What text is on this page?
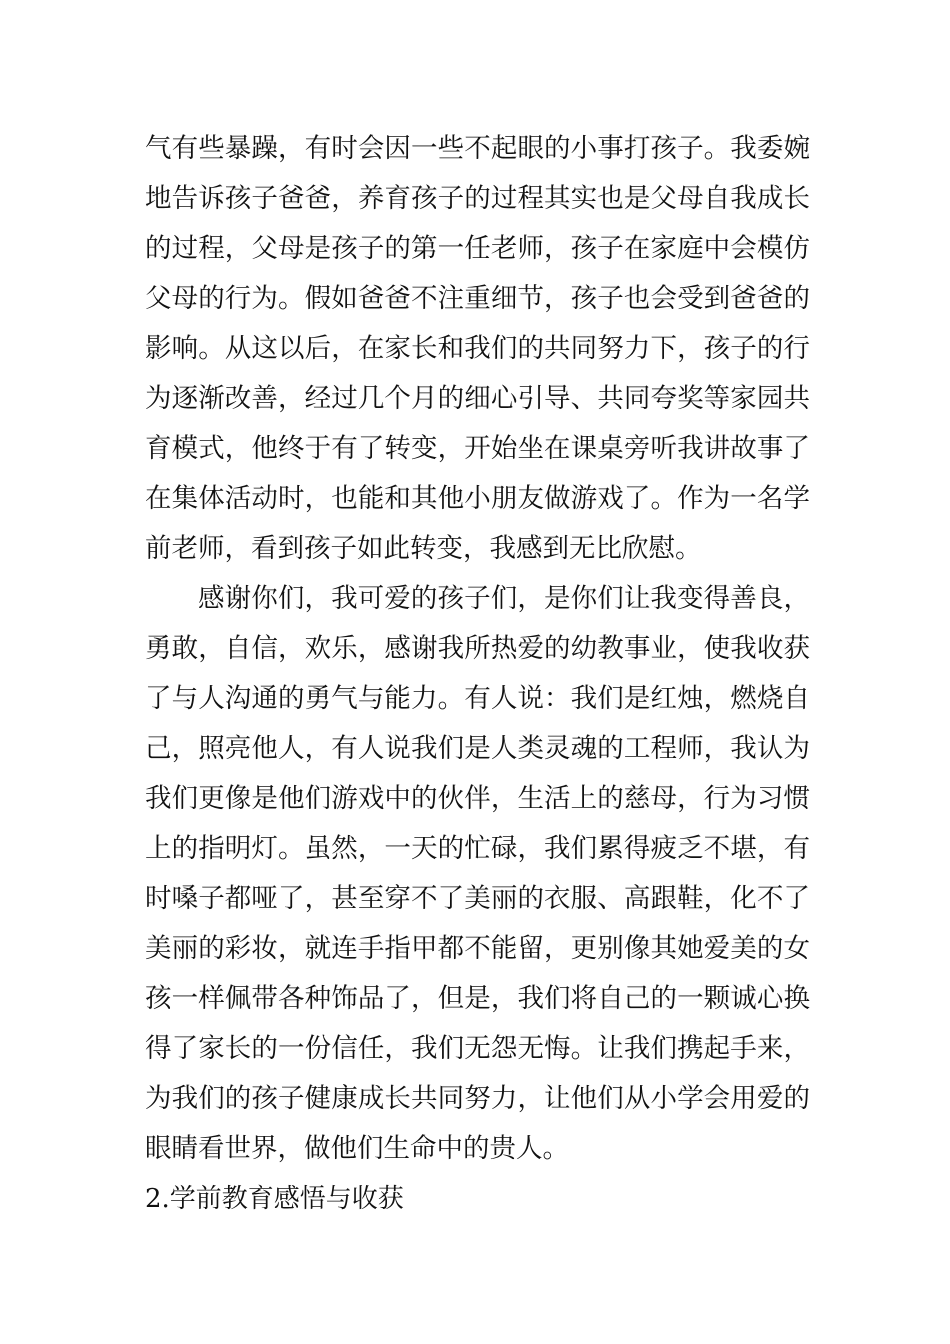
气有些暴躁，有时会因一些不起眼的小事打孩子。我委婉
地告诉孩子爸爸，养育孩子的过程其实也是父母自我成长
的过程，父母是孩子的第一任老师，孩子在家庭中会模仿
父母的行为。假如爸爸不注重细节，孩子也会受到爸爸的
影响。从这以后，在家长和我们的共同努力下，孩子的行
为逐渐改善，经过几个月的细心引导、共同夸奖等家园共
育模式，他终于有了转变，开始坐在课桌旁听我讲故事了
在集体活动时，也能和其他小朋友做游戏了。作为一名学
前老师，看到孩子如此转变，我感到无比欣慰。
感谢你们，我可爱的孩子们，是你们让我变得善良，
勇敢，自信，欢乐，感谢我所热爱的幼教事业，使我收获
了与人沟通的勇气与能力。有人说：我们是红烛，燃烧自
己，照亮他人，有人说我们是人类灵魂的工程师，我认为
我们更像是他们游戏中的伙伴，生活上的慈母，行为习惯
上的指明灯。虽然，一天的忙碌，我们累得疲乏不堪，有
时嗓子都哑了，甚至穿不了美丽的衣服、高跟鞋，化不了
美丽的彩妆，就连手指甲都不能留，更别像其她爱美的女
孩一样佩带各种饰品了，但是，我们将自己的一颗诚心换
得了家长的一份信任，我们无怨无悔。让我们携起手来，
为我们的孩子健康成长共同努力，让他们从小学会用爱的
眼睛看世界，做他们生命中的贵人。
2.学前教育感悟与收获
